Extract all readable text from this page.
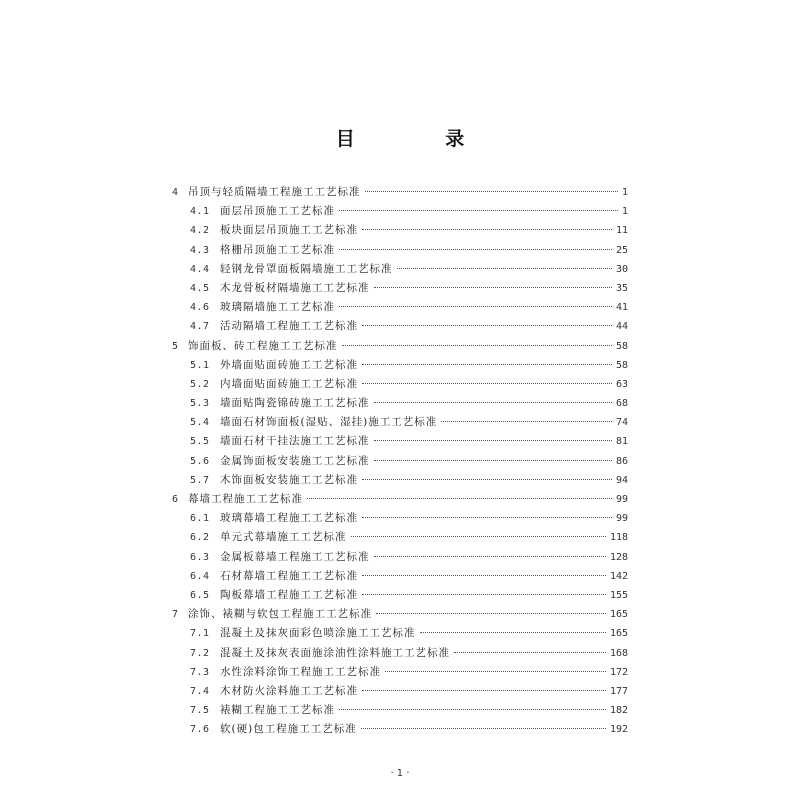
目 录
4 吊顶与轻质隔墙工程施工工艺标准	1
4.1 面层吊顶施工工艺标准	1
4.2 板块面层吊顶施工工艺标准	11
4.3 格栅吊顶施工工艺标准	25
4.4 轻钢龙骨罩面板隔墙施工工艺标准	30
4.5 木龙骨板材隔墙施工工艺标准	35
4.6 玻璃隔墙施工工艺标准	41
4.7 活动隔墙工程施工工艺标准	44
5 饰面板、砖工程施工工艺标准	58
5.1 外墙面贴面砖施工工艺标准	58
5.2 内墙面贴面砖施工工艺标准	63
5.3 墙面贴陶瓷锦砖施工工艺标准	68
5.4 墙面石材饰面板(湿贴、湿挂)施工工艺标准	74
5.5 墙面石材干挂法施工工艺标准	81
5.6 金属饰面板安装施工工艺标准	86
5.7 木饰面板安装施工工艺标准	94
6 幕墙工程施工工艺标准	99
6.1 玻璃幕墙工程施工工艺标准	99
6.2 单元式幕墙施工工艺标准	118
6.3 金属板幕墙工程施工工艺标准	128
6.4 石材幕墙工程施工工艺标准	142
6.5 陶板幕墙工程施工工艺标准	155
7 涂饰、裱糊与软包工程施工工艺标准	165
7.1 混凝土及抹灰面彩色喷涂施工工艺标准	165
7.2 混凝土及抹灰表面施涂油性涂料施工工艺标准	168
7.3 水性涂料涂饰工程施工工艺标准	172
7.4 木材防火涂料施工工艺标准	177
7.5 裱糊工程施工工艺标准	182
7.6 软(硬)包工程施工工艺标准	192
· 1 ·
